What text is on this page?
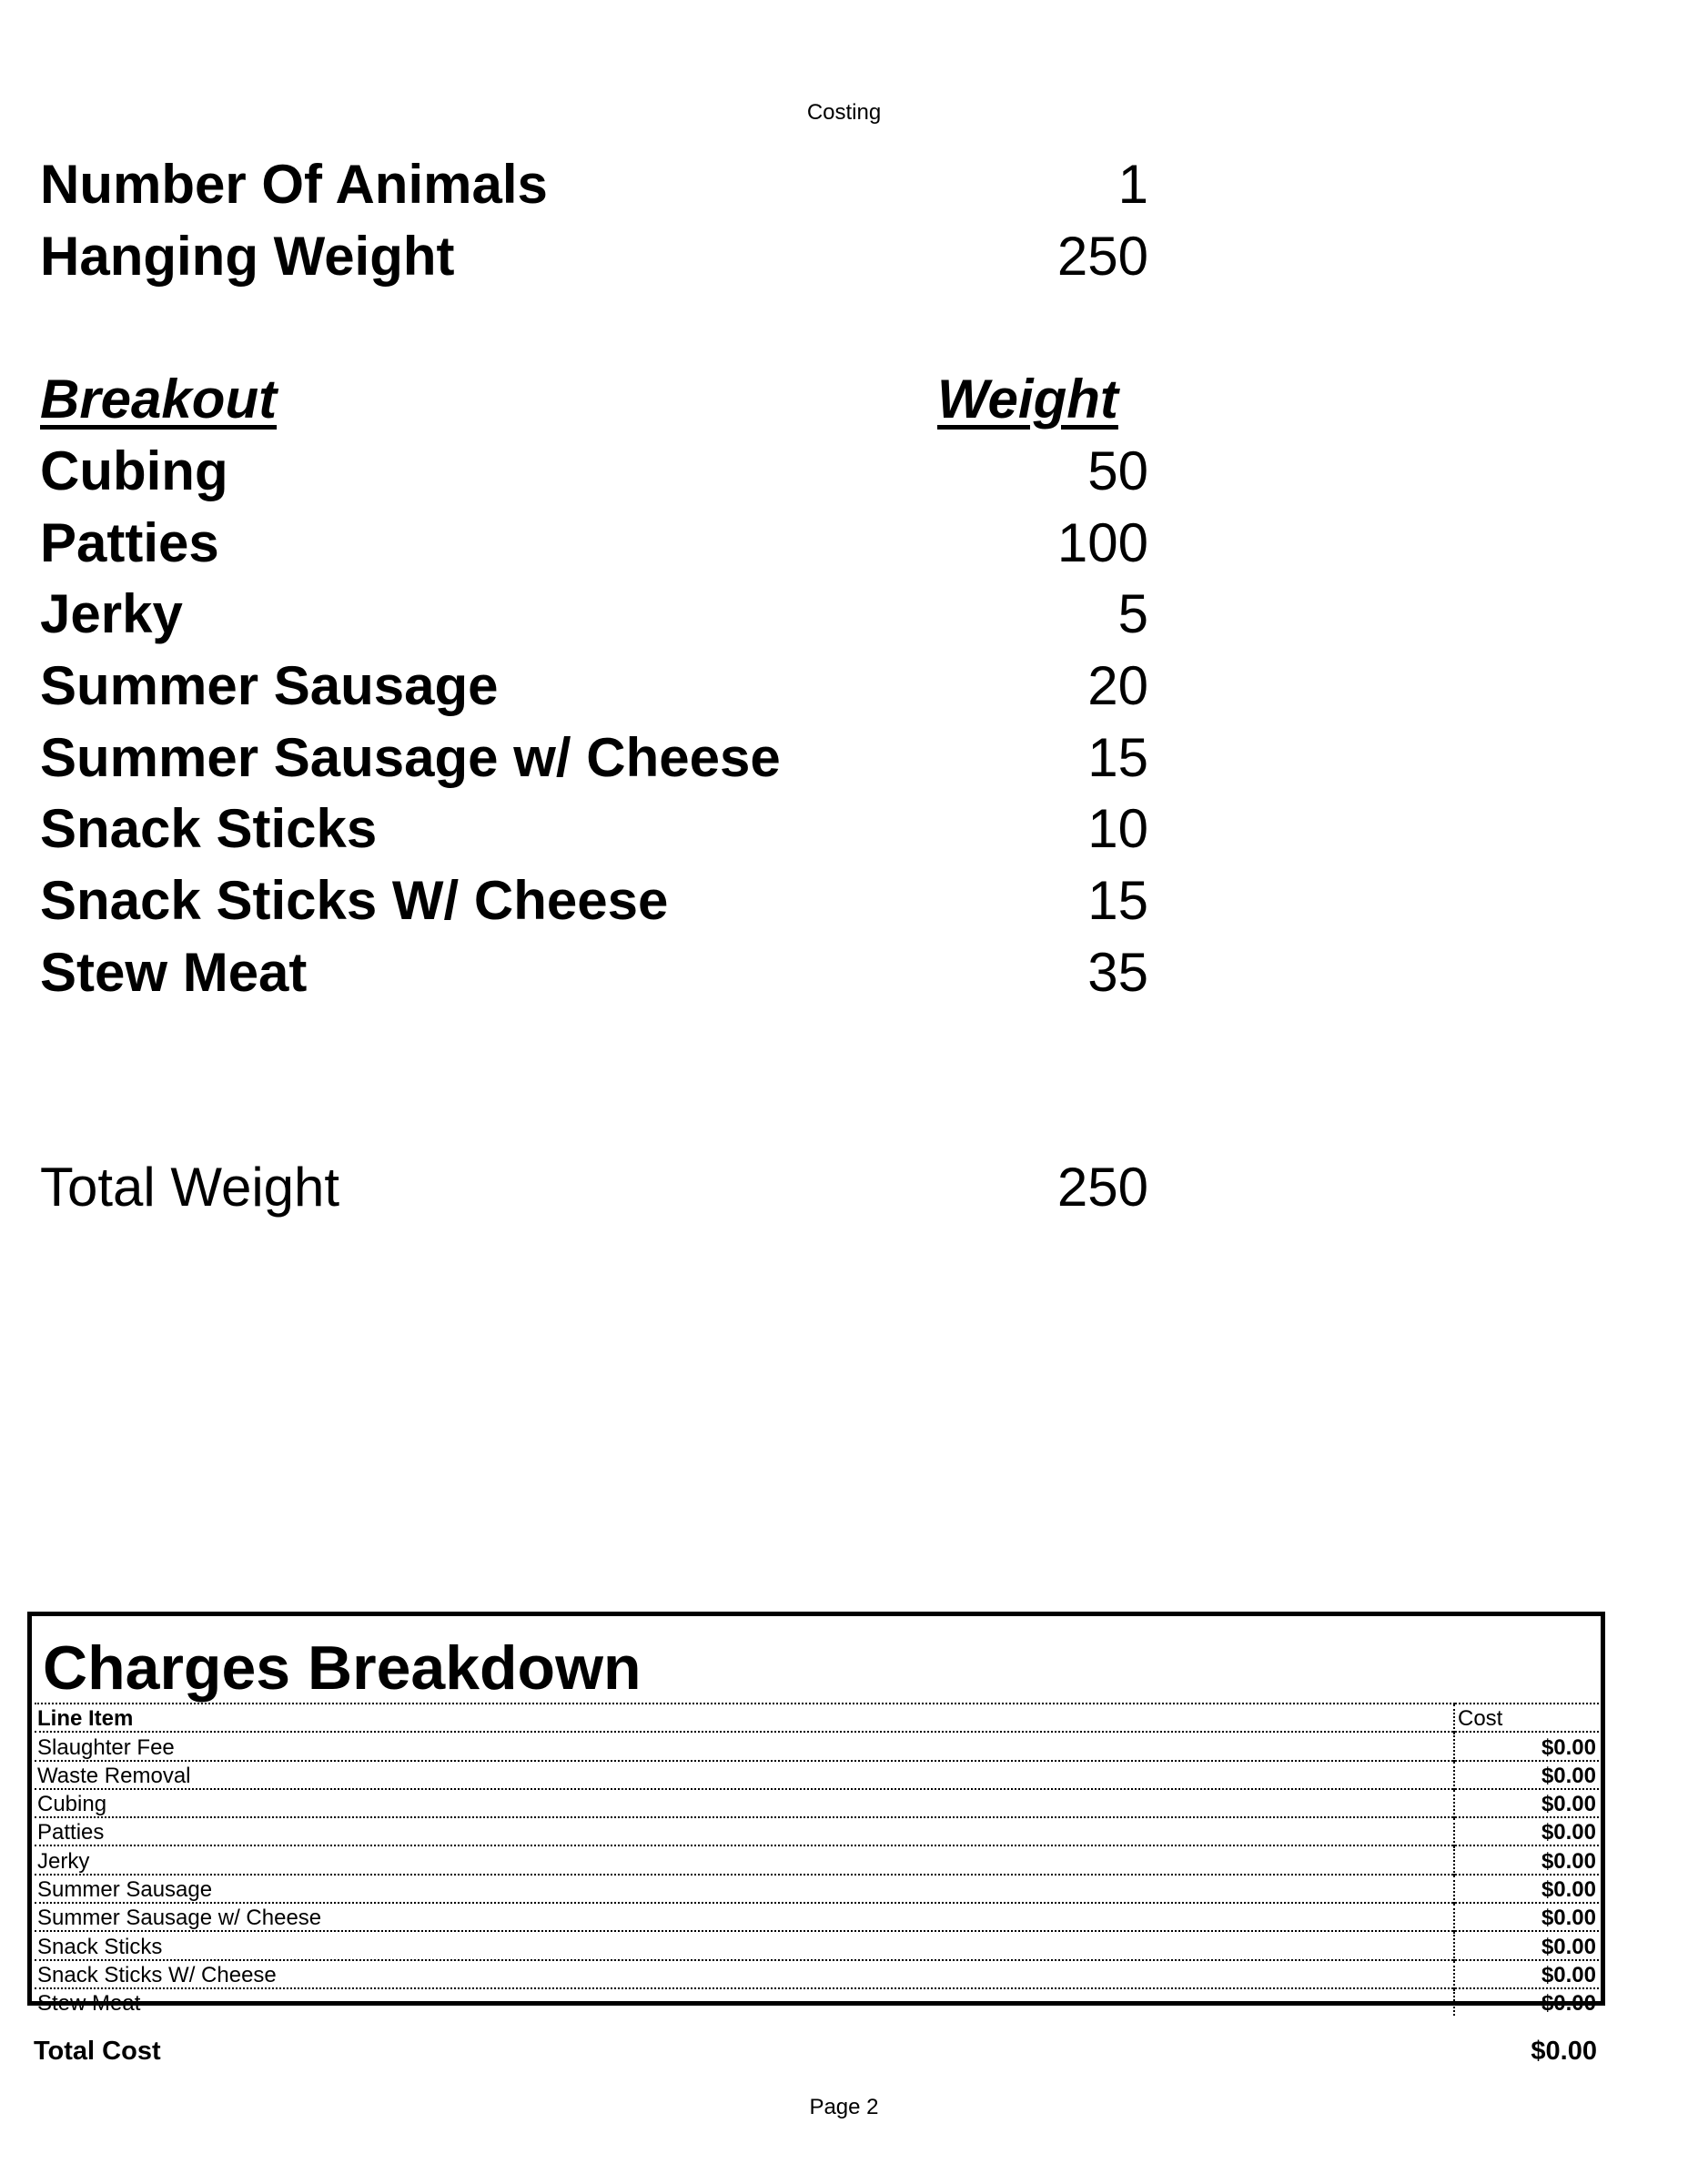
Costing
Number Of Animals	1
Hanging Weight	250
Breakout	Weight
Cubing	50
Patties	100
Jerky	5
Summer Sausage	20
Summer Sausage w/ Cheese	15
Snack Sticks	10
Snack Sticks W/ Cheese	15
Stew Meat	35
Total Weight	250
Charges Breakdown
Line Item	Cost
Slaughter Fee	$0.00
Waste Removal	$0.00
Cubing	$0.00
Patties	$0.00
Jerky	$0.00
Summer Sausage	$0.00
Summer Sausage w/ Cheese	$0.00
Snack Sticks	$0.00
Snack Sticks W/ Cheese	$0.00
Stew Meat	$0.00
Total Cost	$0.00
Page 2
